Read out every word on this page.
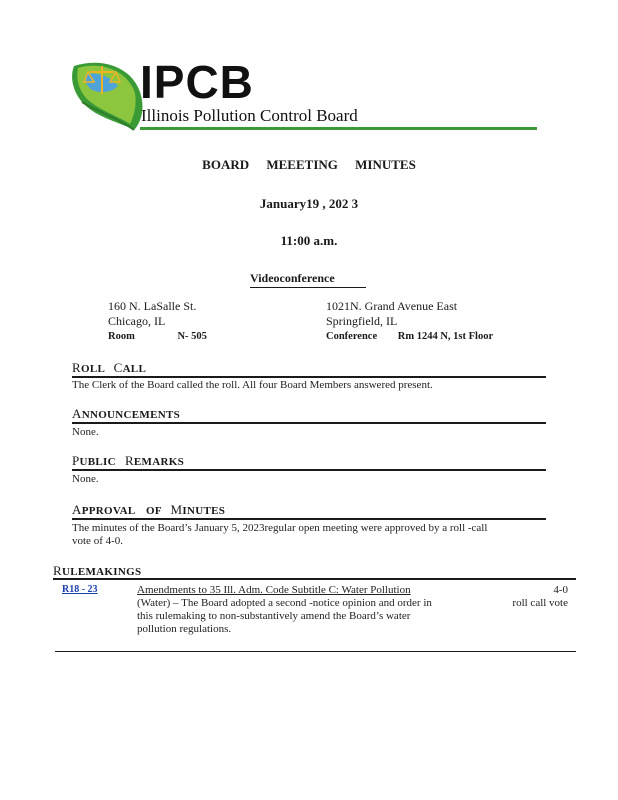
IPCB
Illinois Pollution Control Board
BOARD MEEETING MINUTES
January19 , 202 3
11:00 a.m.
Videoconference
160 N. LaSalle St.
Chicago, IL
Room	N- 505
1021N. Grand Avenue East
Springfield, IL
Conference Rm 1244 N, 1st Floor
ROLL CALL
The Clerk of the Board called the roll. All four Board Members answered present.
ANNOUNCEMENTS
None.
PUBLIC REMARKS
None.
APPROVAL OF MINUTES
The minutes of the Board’s January 5, 2023regular open meeting were approved by a roll -call
vote of 4-0.
RULEMAKINGS
R18 - 23	Amendments to 35 Ill. Adm. Code Subtitle C: Water Pollution
(Water) – The Board adopted a second -notice opinion and order in
this rulemaking to non-substantively amend the Board’s water
pollution regulations.
4-0
roll call vote
